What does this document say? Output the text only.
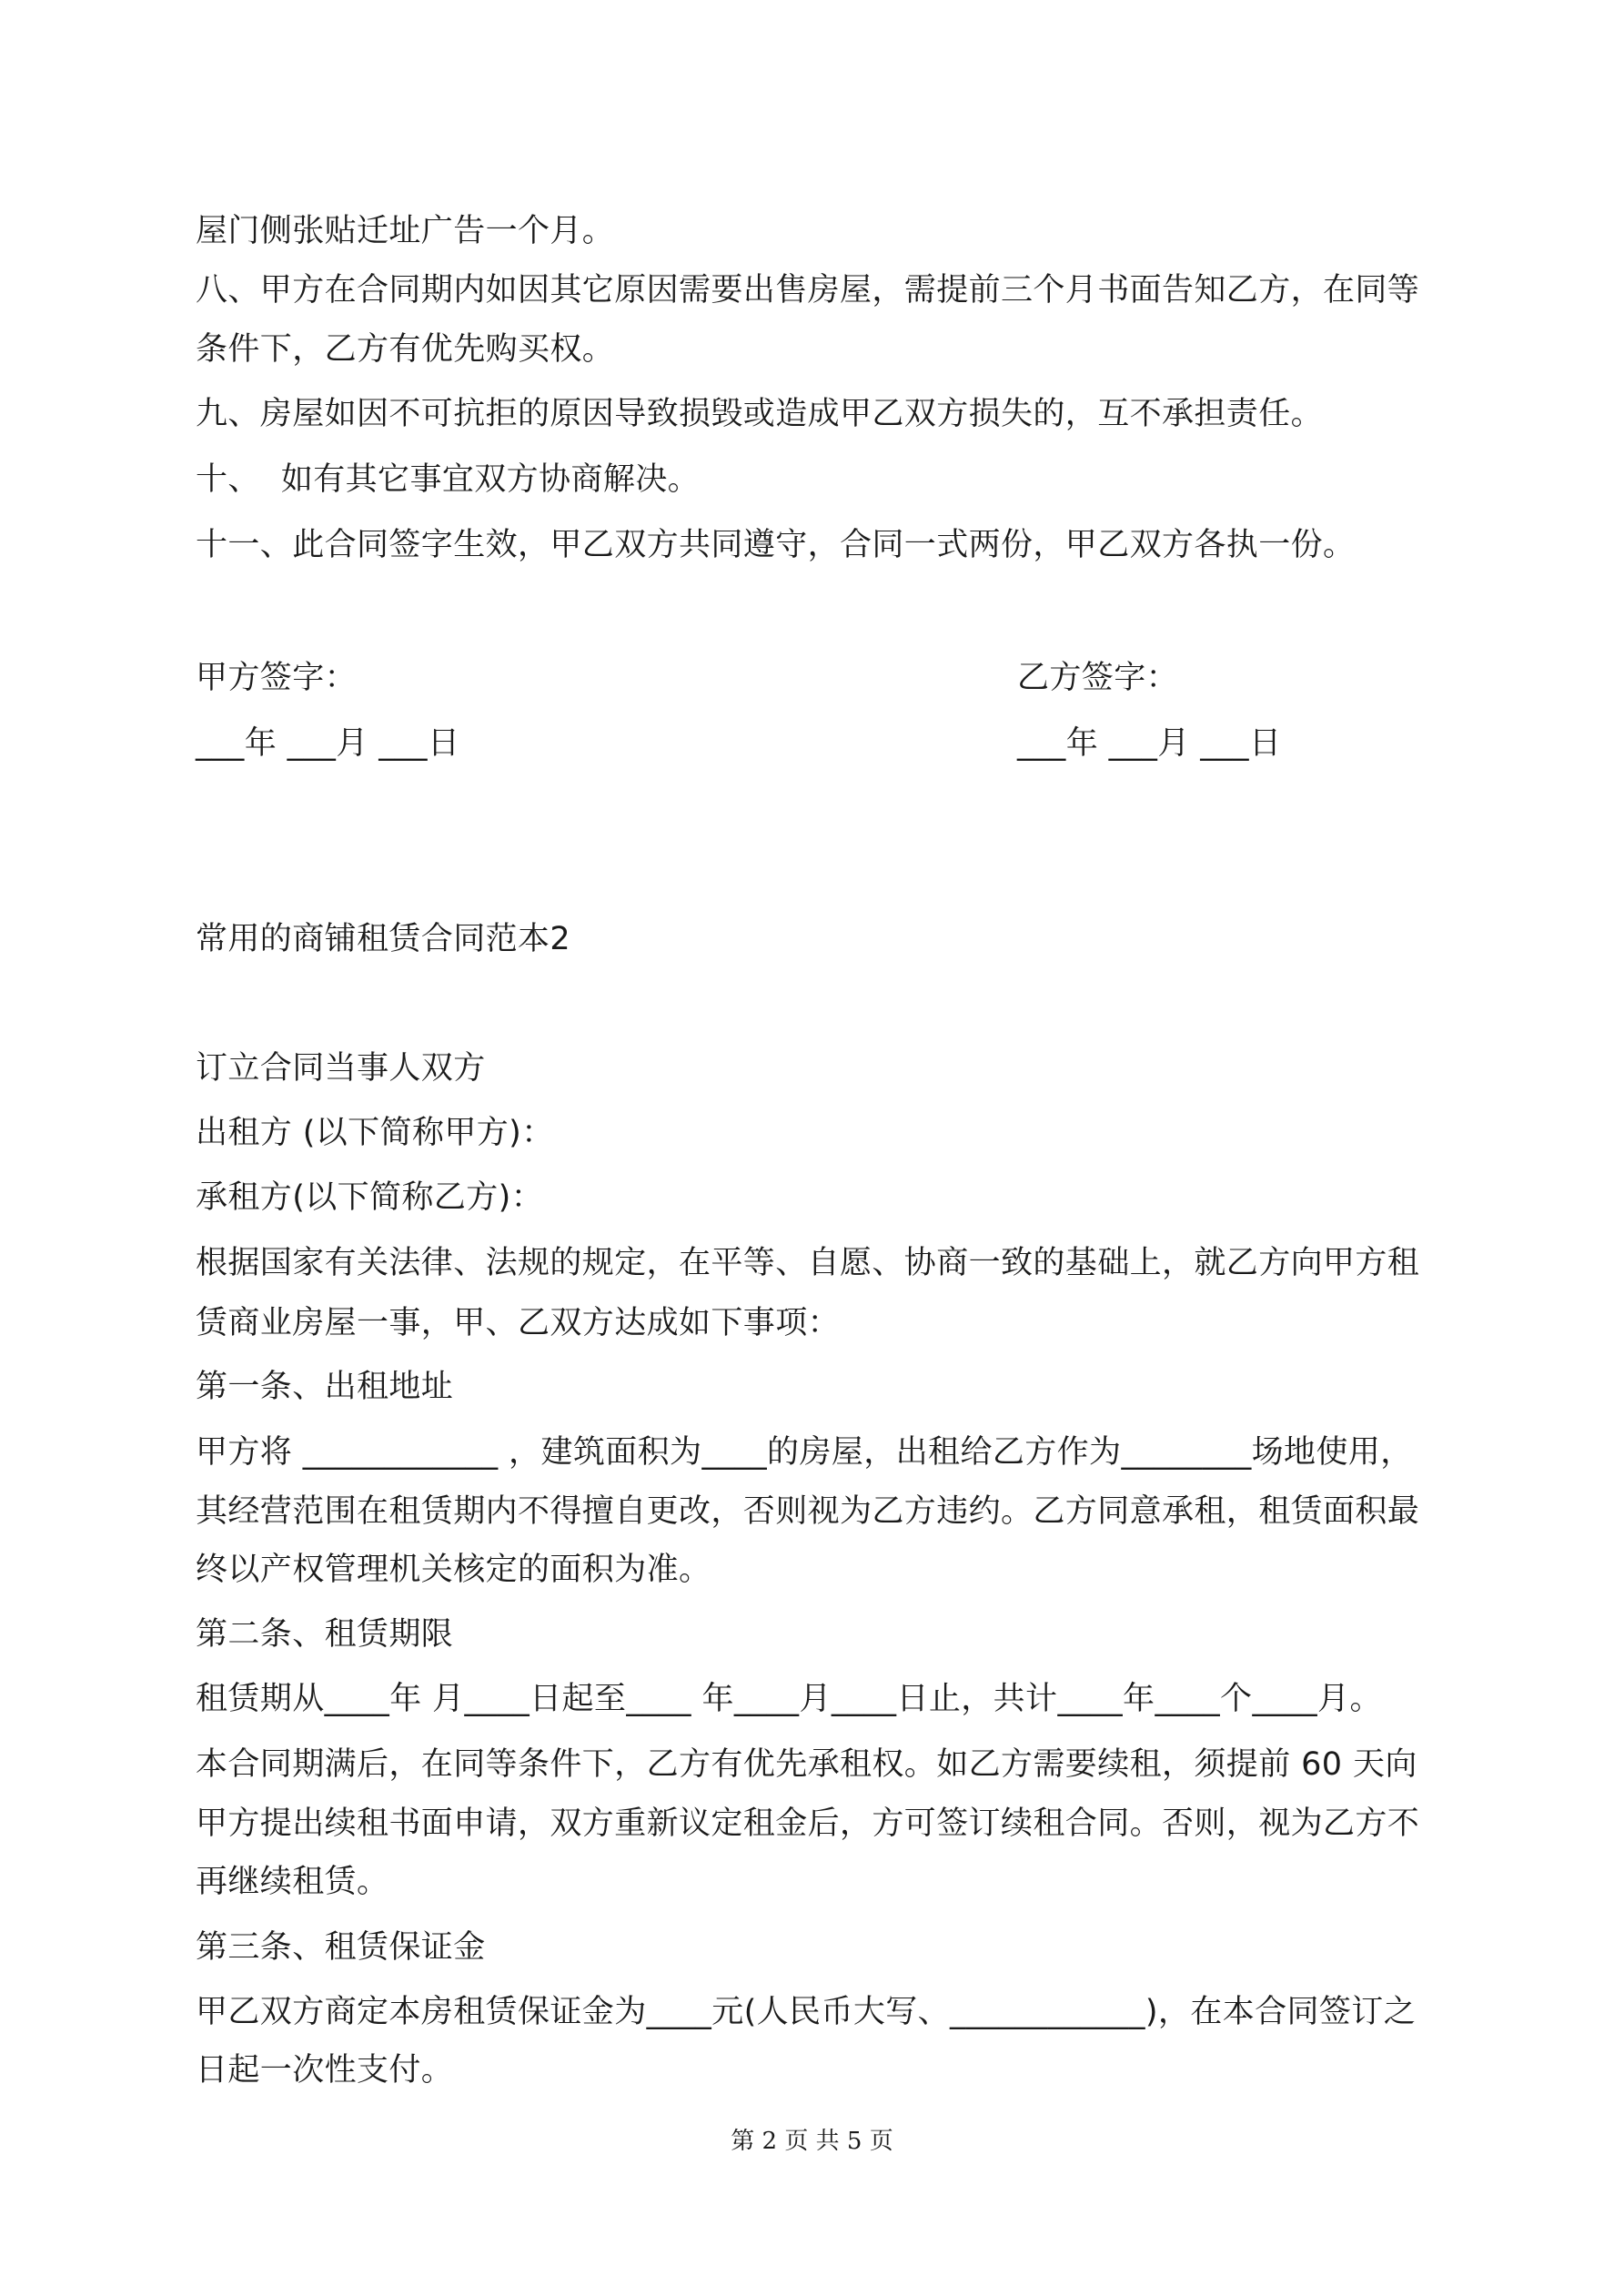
屋门侧张贴迁址广告一个月。

八、甲方在合同期内如因其它原因需要出售房屋，需提前三个月书面告知乙方，在同等

条件下，乙方有优先购买权。

九、房屋如因不可抗拒的原因导致损毁或造成甲乙双方损失的，互不承担责任。

十、  如有其它事宜双方协商解决。

十一、此合同签字生效，甲乙双方共同遵守，合同一式两份，甲乙双方各执一份。

甲方签字：	乙方签字：

___年 ___月 ___日	___年 ___月 ___日

常用的商铺租赁合同范本2

订立合同当事人双方

出租方 (以下简称甲方)：

承租方(以下简称乙方)：

根据国家有关法律、法规的规定，在平等、自愿、协商一致的基础上，就乙方向甲方租

赁商业房屋一事，甲、乙双方达成如下事项：

第一条、出租地址

甲方将 ____________ ，建筑面积为____的房屋，出租给乙方作为________场地使用，

其经营范围在租赁期内不得擅自更改，否则视为乙方违约。乙方同意承租，租赁面积最

终以产权管理机关核定的面积为准。

第二条、租赁期限

租赁期从____年 月____日起至____ 年____月____日止，共计____年____个____月。

本合同期满后，在同等条件下，乙方有优先承租权。如乙方需要续租，须提前 60 天向

甲方提出续租书面申请，双方重新议定租金后，方可签订续租合同。否则，视为乙方不

再继续租赁。

第三条、租赁保证金

甲乙双方商定本房租赁保证金为____元(人民币大写、____________)，在本合同签订之

日起一次性支付。

第 2 页 共 5 页
